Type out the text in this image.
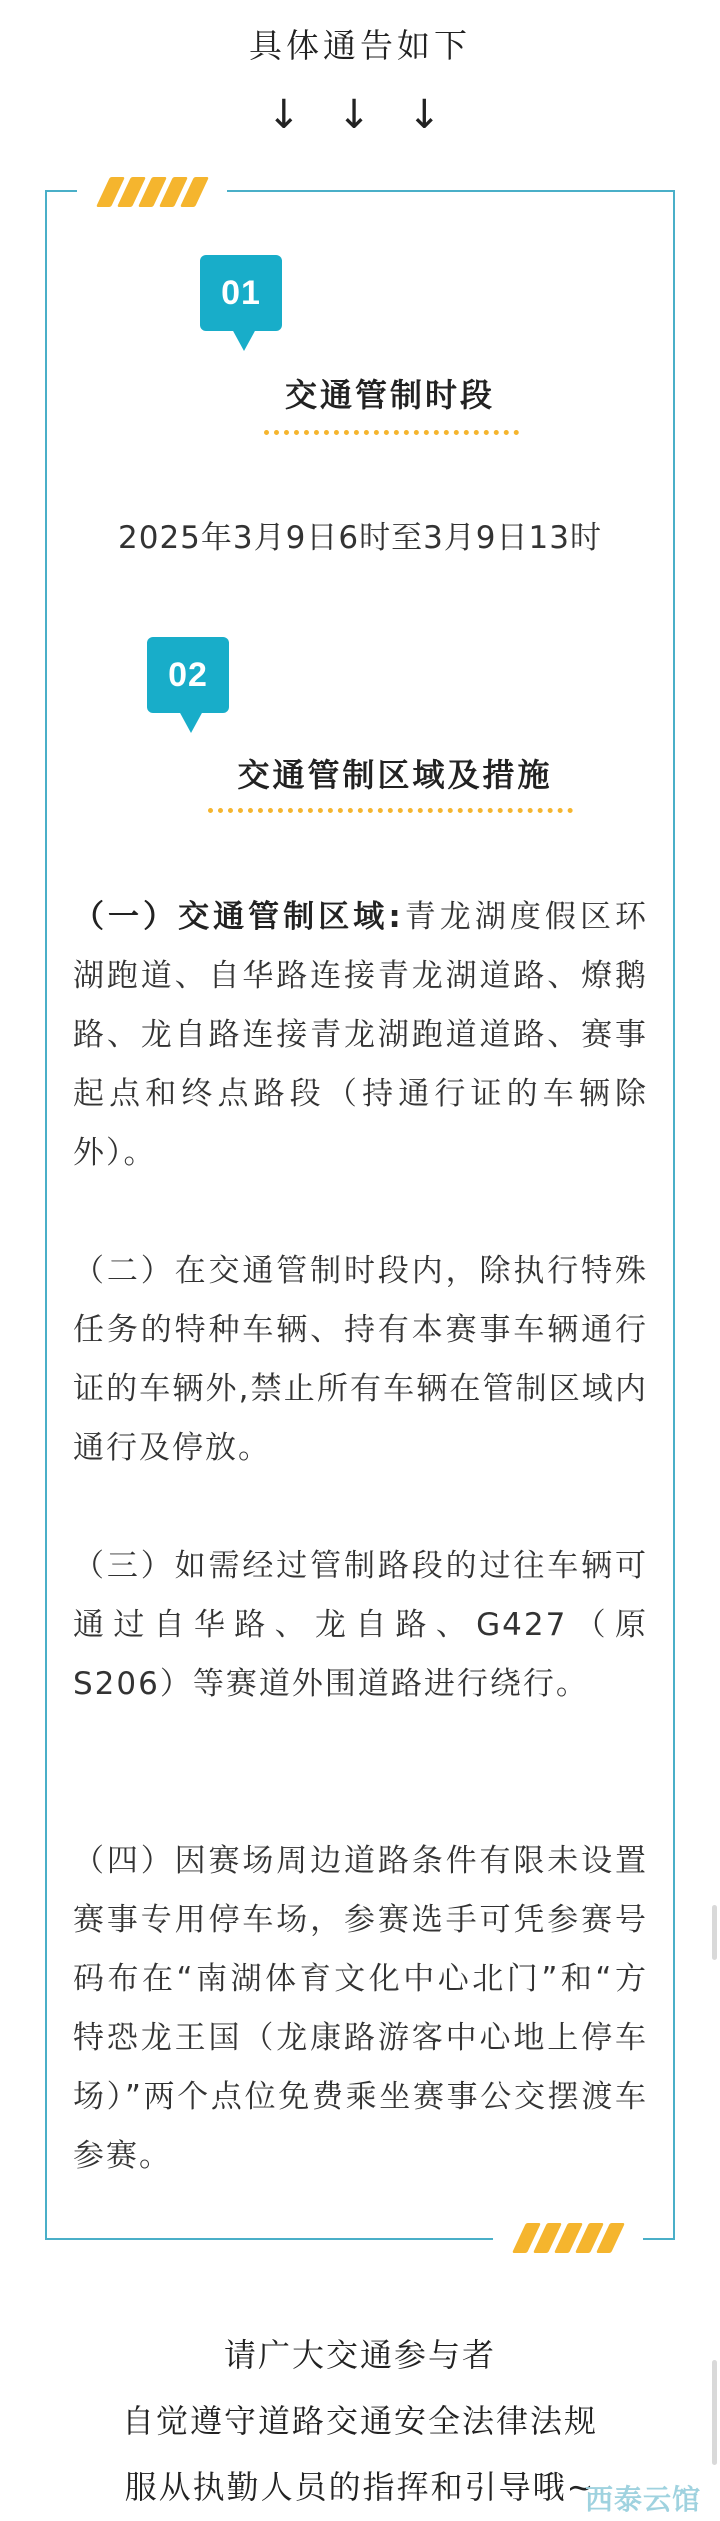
具体通告如下
↓ ↓ ↓
01
交通管制时段
2025年3月9日6时至3月9日13时
02
交通管制区域及措施
（一）交通管制区域:青龙湖度假区环湖跑道、自华路连接青龙湖道路、燎鹅路、龙自路连接青龙湖跑道道路、赛事起点和终点路段（持通行证的车辆除外）。
（二）在交通管制时段内，除执行特殊任务的特种车辆、持有本赛事车辆通行证的车辆外,禁止所有车辆在管制区域内通行及停放。
（三）如需经过管制路段的过往车辆可通过自华路、龙自路、G427（原S206）等赛道外围道路进行绕行。
（四）因赛场周边道路条件有限未设置赛事专用停车场，参赛选手可凭参赛号码布在“南湖体育文化中心北门”和“方特恐龙王国（龙康路游客中心地上停车场）”两个点位免费乘坐赛事公交摆渡车参赛。
请广大交通参与者
自觉遵守道路交通安全法律法规
服从执勤人员的指挥和引导哦~
西泰云馆
